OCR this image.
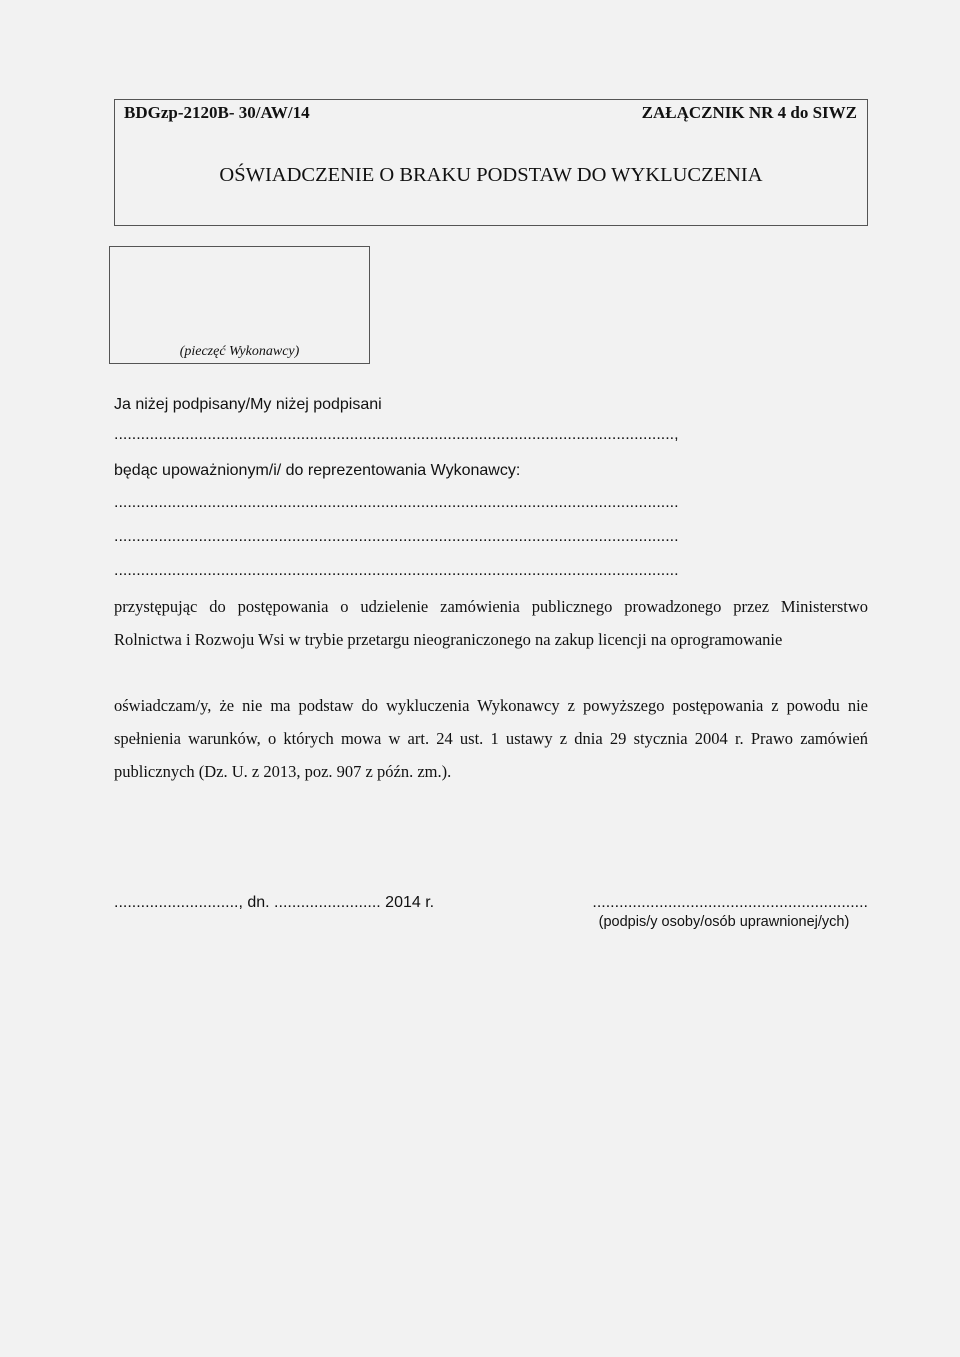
BDGzp-2120B- 30/AW/14	ZAŁĄCZNIK NR 4 do SIWZ
OŚWIADCZENIE O BRAKU PODSTAW DO WYKLUCZENIA
(pieczęć Wykonawcy)
Ja niżej podpisany/My niżej podpisani
..............................................................................................................................,
będąc upoważnionym/i/ do reprezentowania Wykonawcy:
...............................................................................................................................
...............................................................................................................................
...............................................................................................................................
przystępując do postępowania o udzielenie zamówienia publicznego prowadzonego przez Ministerstwo Rolnictwa i Rozwoju Wsi w trybie przetargu nieograniczonego na zakup licencji na oprogramowanie
oświadczam/y, że nie ma podstaw do wykluczenia Wykonawcy z powyższego postępowania z powodu nie spełnienia warunków, o których mowa w art. 24 ust. 1 ustawy z dnia 29 stycznia 2004 r. Prawo zamówień publicznych (Dz. U. z 2013, poz. 907 z późn. zm.).
............................, dn. ........................ 2014 r.	..............................................................
(podpis/y osoby/osób uprawnionej/ych)
